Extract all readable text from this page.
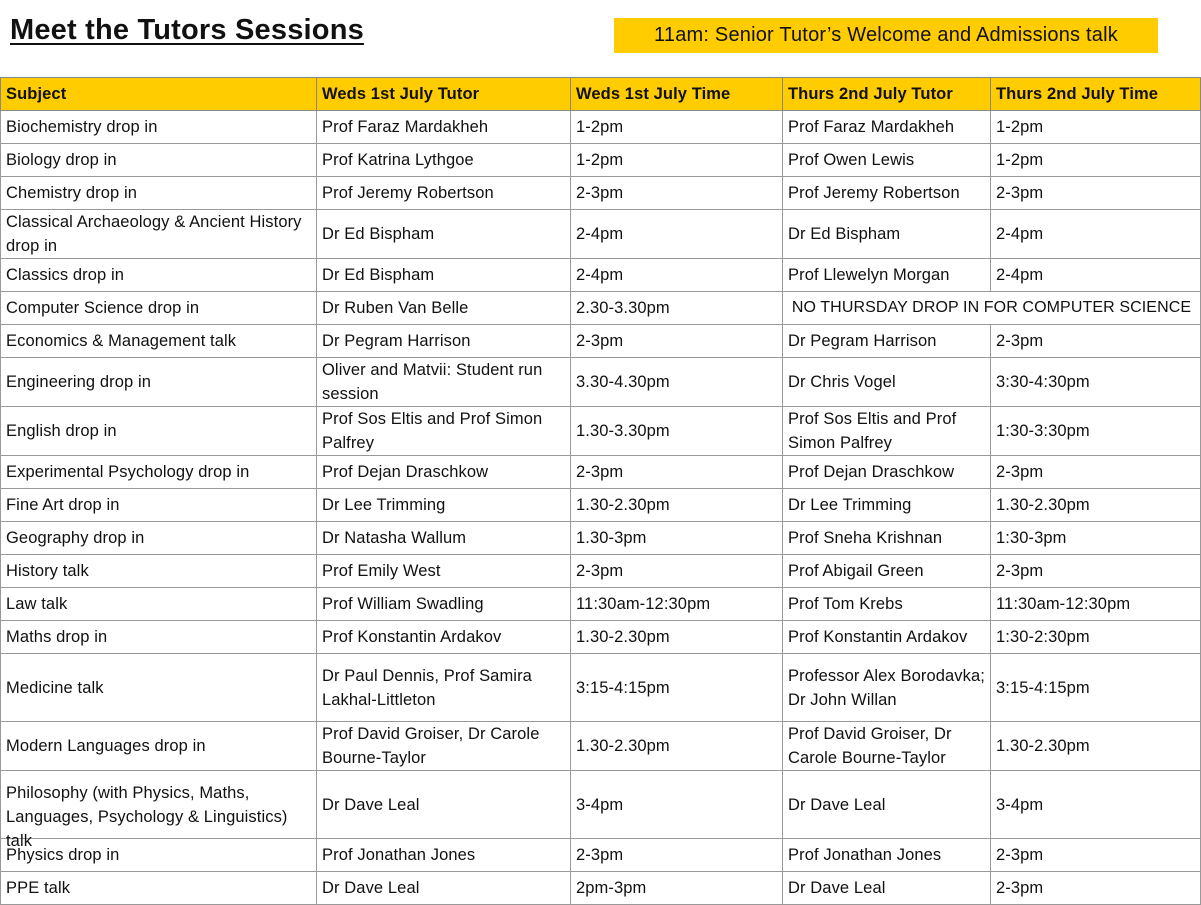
Meet the Tutors Sessions	11am: Senior Tutor’s Welcome and Admissions talk
Subject	Weds 1st July Tutor	Weds 1st July Time	Thurs 2nd July Tutor	Thurs 2nd July Time

Biochemistry drop in	Prof Faraz Mardakheh	1-2pm	Prof Faraz Mardakheh	1-2pm

Biology drop in	Prof Katrina Lythgoe	1-2pm	Prof Owen Lewis	1-2pm

Chemistry drop in	Prof Jeremy Robertson	2-3pm	Prof Jeremy Robertson	2-3pm

Classical Archaeology & Ancient History drop in	Dr Ed Bispham	2-4pm	Dr Ed Bispham	2-4pm

Classics drop in	Dr Ed Bispham	2-4pm	Prof Llewelyn Morgan	2-4pm

Computer Science drop in	Dr Ruben Van Belle	2.30-3.30pm	NO THURSDAY DROP IN FOR COMPUTER SCIENCE	

Economics & Management talk	Dr Pegram Harrison	2-3pm	Dr Pegram Harrison	2-3pm

Engineering drop in	Oliver and Matvii: Student run session	3.30-4.30pm	Dr Chris Vogel	3:30-4:30pm

English drop in	Prof Sos Eltis and Prof Simon Palfrey	1.30-3.30pm	Prof Sos Eltis and Prof Simon Palfrey	1:30-3:30pm

Experimental Psychology drop in	Prof Dejan Draschkow	2-3pm	Prof Dejan Draschkow	2-3pm

Fine Art drop in	Dr Lee Trimming	1.30-2.30pm	Dr Lee Trimming	1.30-2.30pm

Geography drop in	Dr Natasha Wallum	1.30-3pm	Prof Sneha Krishnan	1:30-3pm

History talk	Prof Emily West	2-3pm	Prof Abigail Green	2-3pm

Law talk	Prof William Swadling	11:30am-12:30pm	Prof Tom Krebs	11:30am-12:30pm

Maths drop in	Prof Konstantin Ardakov	1.30-2.30pm	Prof Konstantin Ardakov	1:30-2:30pm

Medicine talk	Dr Paul Dennis, Prof Samira Lakhal-Littleton	3:15-4:15pm	Professor Alex Borodavka; Dr John Willan	3:15-4:15pm

Modern Languages drop in	Prof David Groiser, Dr Carole Bourne-Taylor	1.30-2.30pm	Prof David Groiser, Dr Carole Bourne-Taylor	1.30-2.30pm

Philosophy (with Physics, Maths, Languages, Psychology & Linguistics) talk	Dr Dave Leal	3-4pm	Dr Dave Leal	3-4pm

Physics drop in	Prof Jonathan Jones	2-3pm	Prof Jonathan Jones	2-3pm

PPE talk	Dr Dave Leal	2pm-3pm	Dr Dave Leal	2-3pm
